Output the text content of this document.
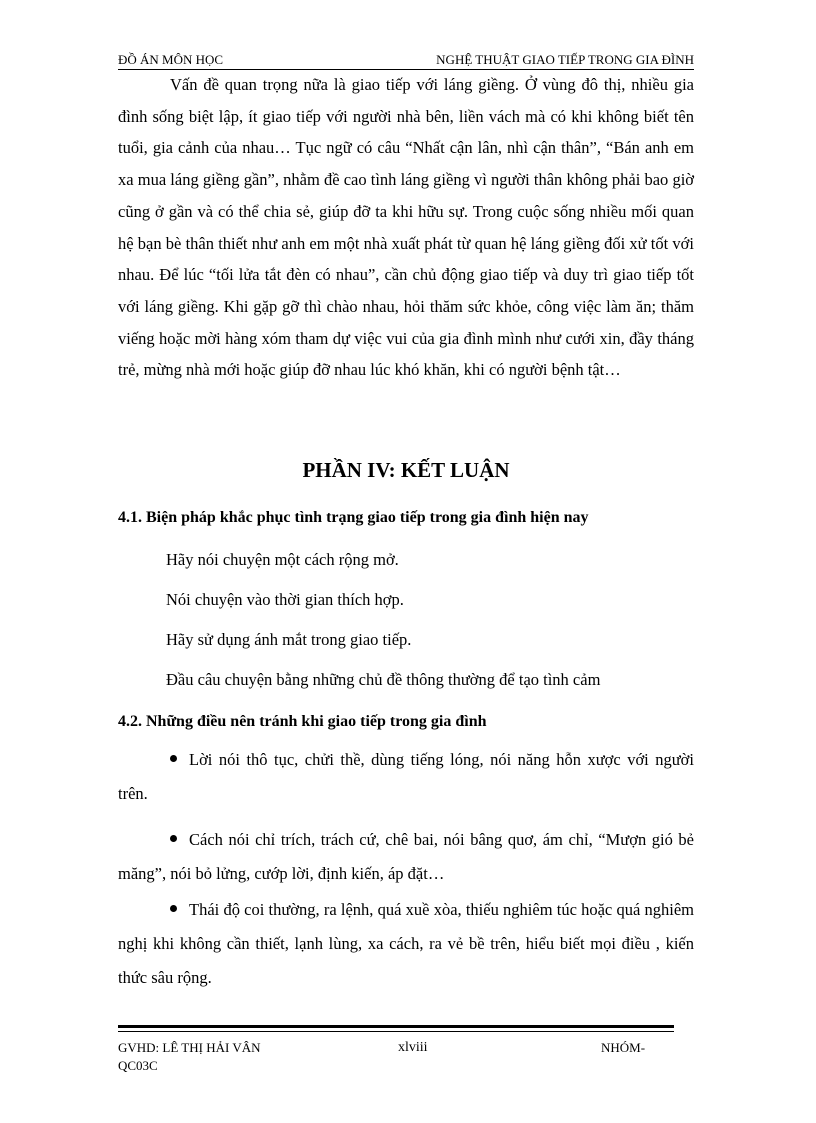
ĐỒ ÁN MÔN HỌC	NGHỆ THUẬT GIAO TIẾP TRONG GIA ĐÌNH

Vấn đề quan trọng nữa là giao tiếp với láng giềng. Ở vùng đô thị, nhiều gia đình sống biệt lập, ít giao tiếp với người nhà bên, liền vách mà có khi không biết tên tuổi, gia cảnh của nhau… Tục ngữ có câu “Nhất cận lân, nhì cận thân”, “Bán anh em xa mua láng giềng gần”, nhằm đề cao tình láng giềng vì người thân không phải bao giờ cũng ở gần và có thể chia sẻ, giúp đỡ ta khi hữu sự. Trong cuộc sống nhiều mối quan hệ bạn bè thân thiết như anh em một nhà xuất phát từ quan hệ láng giềng đối xử tốt với nhau. Để lúc “tối lửa tắt đèn có nhau”, cần chủ động giao tiếp và duy trì giao tiếp tốt với láng giềng. Khi gặp gỡ thì chào nhau, hỏi thăm sức khỏe, công việc làm ăn; thăm viếng hoặc mời hàng xóm tham dự việc vui của gia đình mình như cưới xin, đầy tháng trẻ, mừng nhà mới hoặc giúp đỡ nhau lúc khó khăn, khi có người bệnh tật…

PHẦN IV: KẾT LUẬN
4.1. Biện pháp khắc phục tình trạng giao tiếp trong gia đình hiện nay

Hãy nói chuyện một cách rộng mở.

Nói chuyện vào thời gian thích hợp.

Hãy sử dụng ánh mắt trong giao tiếp.

Đầu câu chuyện bằng những chủ đề thông thường để tạo tình cảm

4.2. Những điều nên tránh khi giao tiếp trong gia đình

Lời nói thô tục, chửi thề, dùng tiếng lóng, nói năng hỗn xược với người trên.

Cách nói chỉ trích, trách cứ, chê bai, nói bâng quơ, ám chỉ, “Mượn gió bẻ măng”, nói bỏ lửng, cướp lời, định kiến, áp đặt…

Thái độ coi thường, ra lệnh, quá xuề xòa, thiếu nghiêm túc hoặc quá nghiêm nghị khi không cần thiết, lạnh lùng, xa cách, ra vẻ bề trên, hiểu biết mọi điều , kiến thức sâu rộng.

GVHD: LÊ THỊ HẢI VÂN	xlviii	NHÓM-
QC03C
